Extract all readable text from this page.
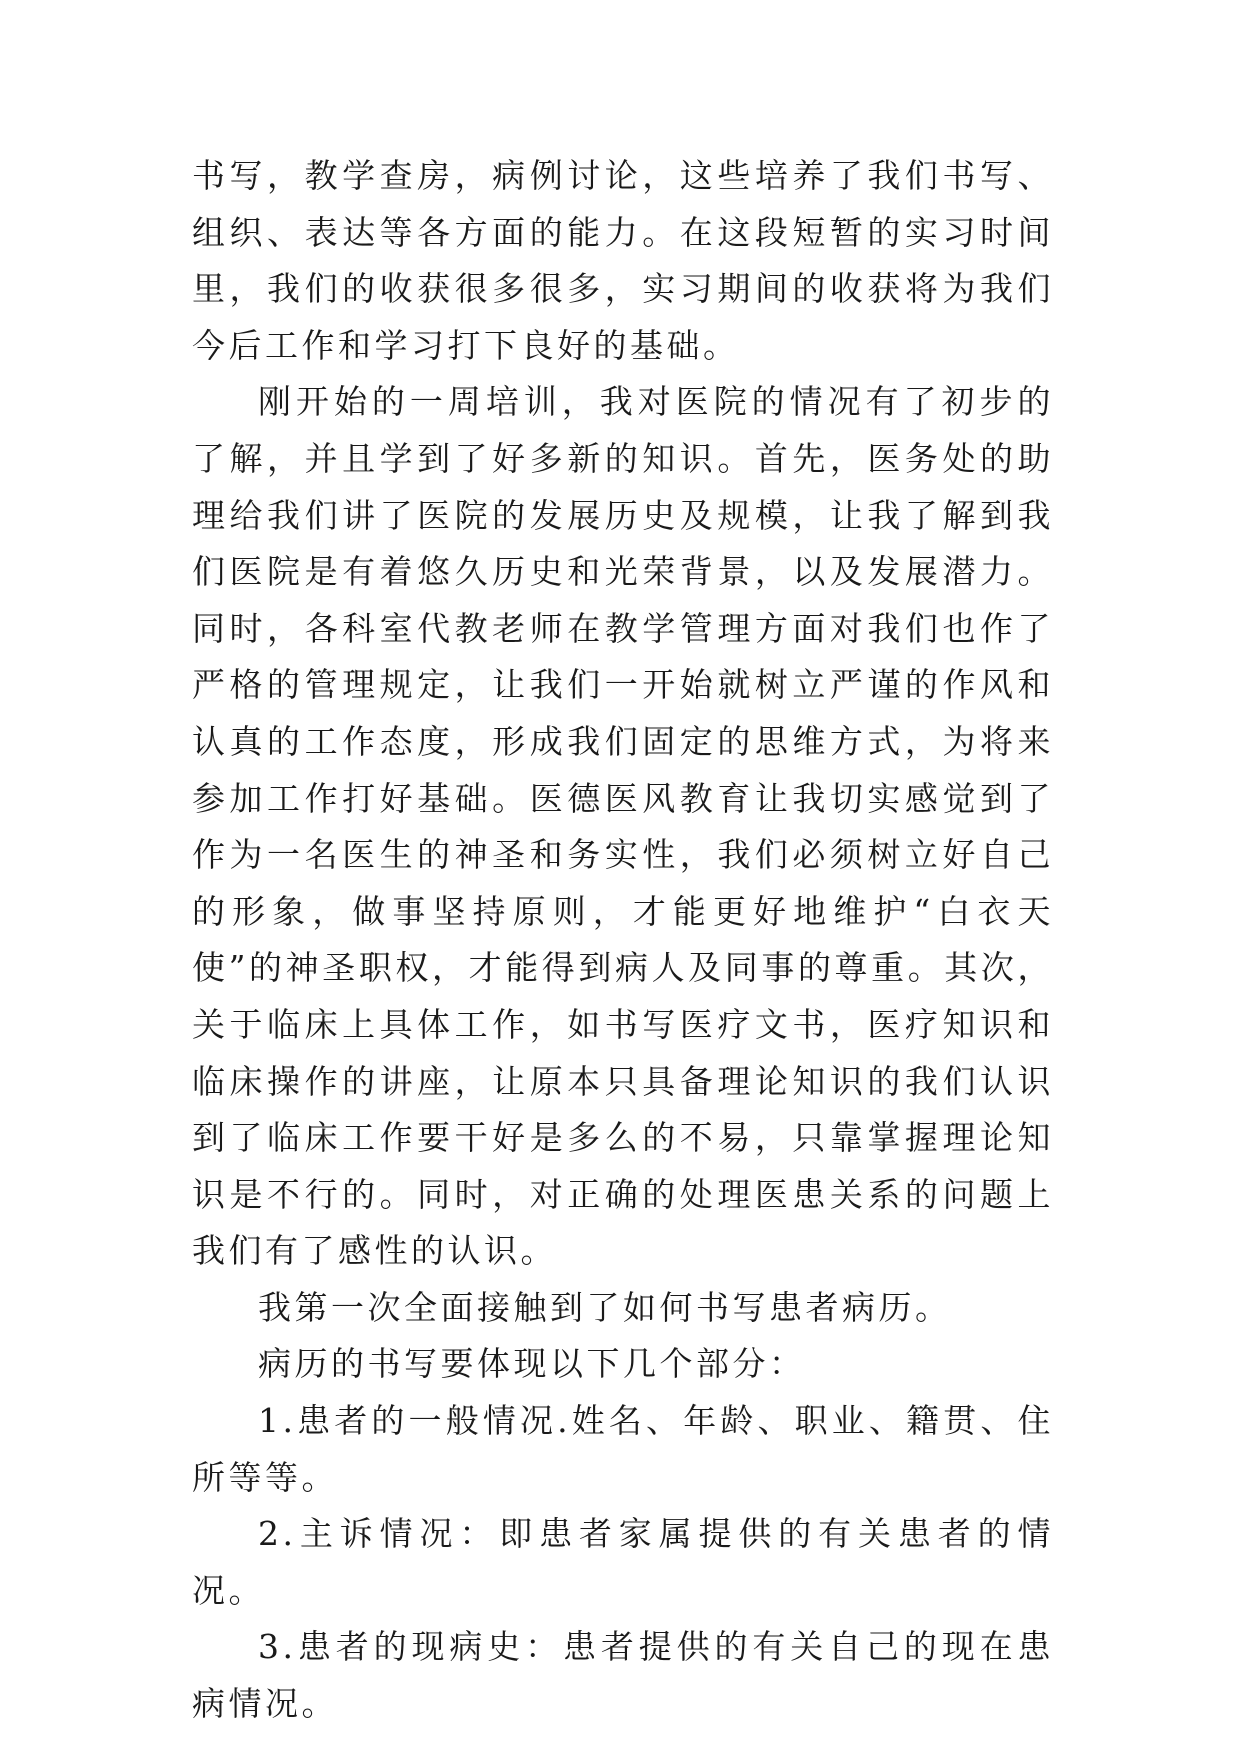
书写，教学查房，病例讨论，这些培养了我们书写、组织、表达等各方面的能力。在这段短暂的实习时间里，我们的收获很多很多，实习期间的收获将为我们今后工作和学习打下良好的基础。

刚开始的一周培训，我对医院的情况有了初步的了解，并且学到了好多新的知识。首先，医务处的助理给我们讲了医院的发展历史及规模，让我了解到我们医院是有着悠久历史和光荣背景，以及发展潜力。同时，各科室代教老师在教学管理方面对我们也作了严格的管理规定，让我们一开始就树立严谨的作风和认真的工作态度，形成我们固定的思维方式，为将来参加工作打好基础。医德医风教育让我切实感觉到了作为一名医生的神圣和务实性，我们必须树立好自己的形象，做事坚持原则，才能更好地维护“白衣天使”的神圣职权，才能得到病人及同事的尊重。其次，关于临床上具体工作，如书写医疗文书，医疗知识和临床操作的讲座，让原本只具备理论知识的我们认识到了临床工作要干好是多么的不易，只靠掌握理论知识是不行的。同时，对正确的处理医患关系的问题上我们有了感性的认识。

我第一次全面接触到了如何书写患者病历。

病历的书写要体现以下几个部分：

1.患者的一般情况.姓名、年龄、职业、籍贯、住所等等。

2.主诉情况：即患者家属提供的有关患者的情况。

3.患者的现病史：患者提供的有关自己的现在患病情况。
